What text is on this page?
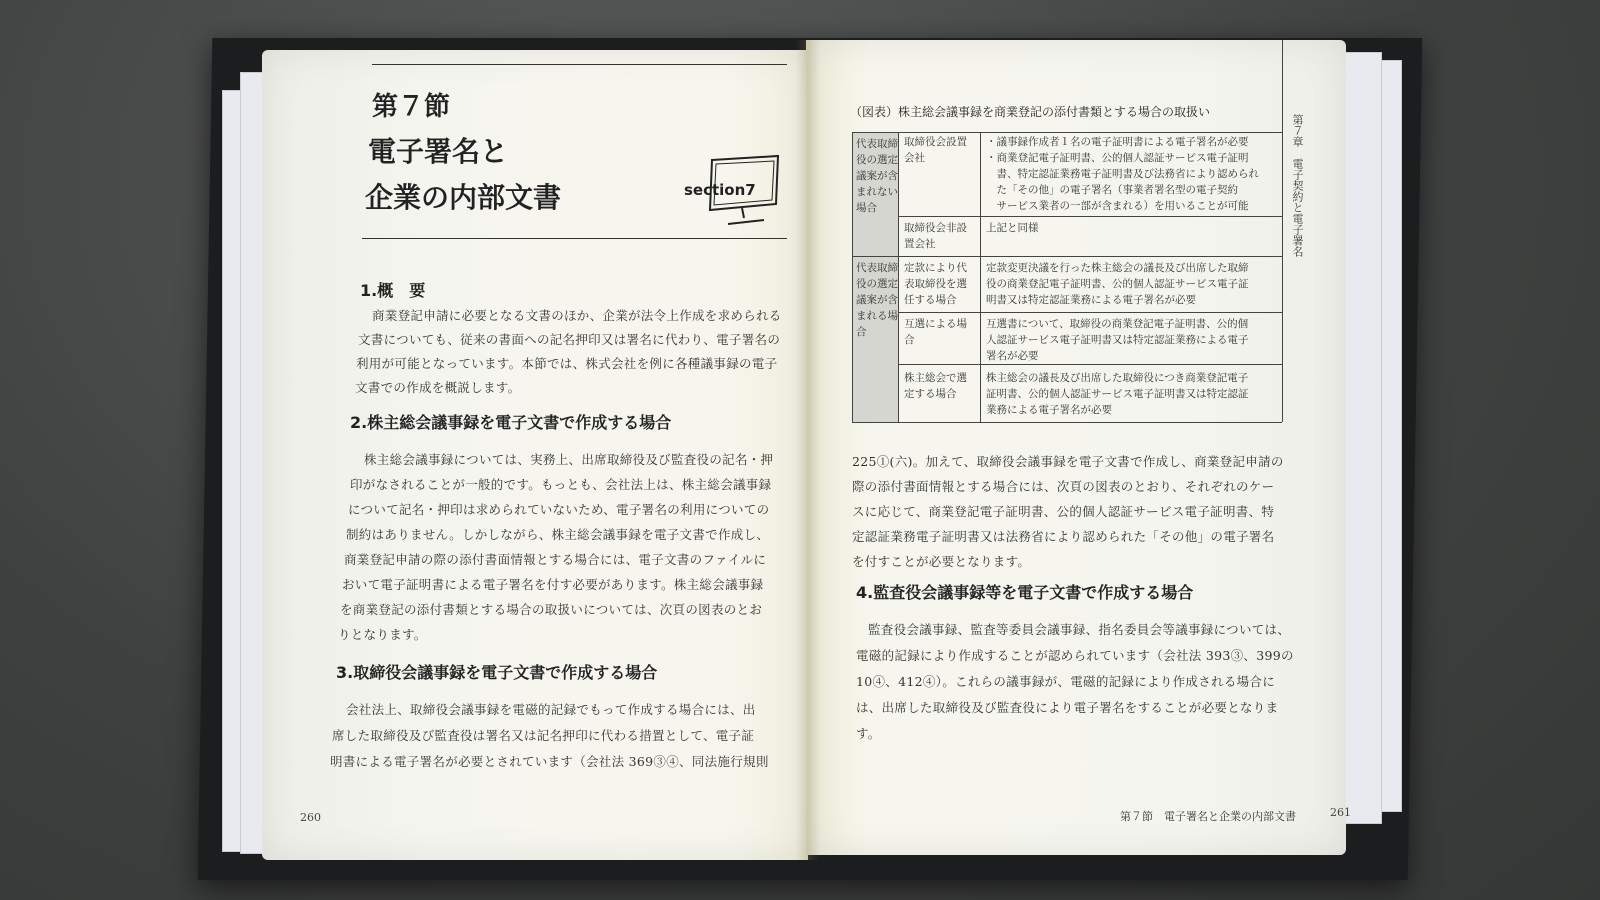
第７節
電子署名と
企業の内部文書	section7
1.概　要
商業登記申請に必要となる文書のほか、企業が法令上作成を求められる
文書についても、従来の書面への記名押印又は署名に代わり、電子署名の
利用が可能となっています。本節では、株式会社を例に各種議事録の電子
文書での作成を概説します。
2.株主総会議事録を電子文書で作成する場合
株主総会議事録については、実務上、出席取締役及び監査役の記名・押
印がなされることが一般的です。もっとも、会社法上は、株主総会議事録
について記名・押印は求められていないため、電子署名の利用についての
制約はありません。しかしながら、株主総会議事録を電子文書で作成し、
商業登記申請の際の添付書面情報とする場合には、電子文書のファイルに
おいて電子証明書による電子署名を付す必要があります。株主総会議事録
を商業登記の添付書類とする場合の取扱いについては、次頁の図表のとお
りとなります。
3.取締役会議事録を電子文書で作成する場合
会社法上、取締役会議事録を電磁的記録でもって作成する場合には、出
席した取締役及び監査役は署名又は記名押印に代わる措置として、電子証
明書による電子署名が必要とされています（会社法 369③④、同法施行規則
260
（図表）株主総会議事録を商業登記の添付書類とする場合の取扱い
代表取締
役の選定
議案が含
まれない
場合
代表取締
役の選定
議案が含
まれる場
合
取締役会設置
会社
・議事録作成者１名の電子証明書による電子署名が必要
・商業登記電子証明書、公的個人認証サービス電子証明
　書、特定認証業務電子証明書及び法務省により認められ
　た「その他」の電子署名（事業者署名型の電子契約
　サービス業者の一部が含まれる）を用いることが可能
取締役会非設
置会社
上記と同様
定款により代
表取締役を選
任する場合
定款変更決議を行った株主総会の議長及び出席した取締
役の商業登記電子証明書、公的個人認証サービス電子証
明書又は特定認証業務による電子署名が必要
互選による場
合
互選書について、取締役の商業登記電子証明書、公的個
人認証サービス電子証明書又は特定認証業務による電子
署名が必要
株主総会で選
定する場合
株主総会の議長及び出席した取締役につき商業登記電子
証明書、公的個人認証サービス電子証明書又は特定認証
業務による電子署名が必要
225①(六)。加えて、取締役会議事録を電子文書で作成し、商業登記申請の
際の添付書面情報とする場合には、次頁の図表のとおり、それぞれのケー
スに応じて、商業登記電子証明書、公的個人認証サービス電子証明書、特
定認証業務電子証明書又は法務省により認められた「その他」の電子署名
を付すことが必要となります。
4.監査役会議事録等を電子文書で作成する場合
監査役会議事録、監査等委員会議事録、指名委員会等議事録については、
電磁的記録により作成することが認められています（会社法 393③、399の
10④、412④）。これらの議事録が、電磁的記録により作成される場合に
は、出席した取締役及び監査役により電子署名をすることが必要となりま
す。
第７章　電子契約と電子署名
第７節　電子署名と企業の内部文書	261
